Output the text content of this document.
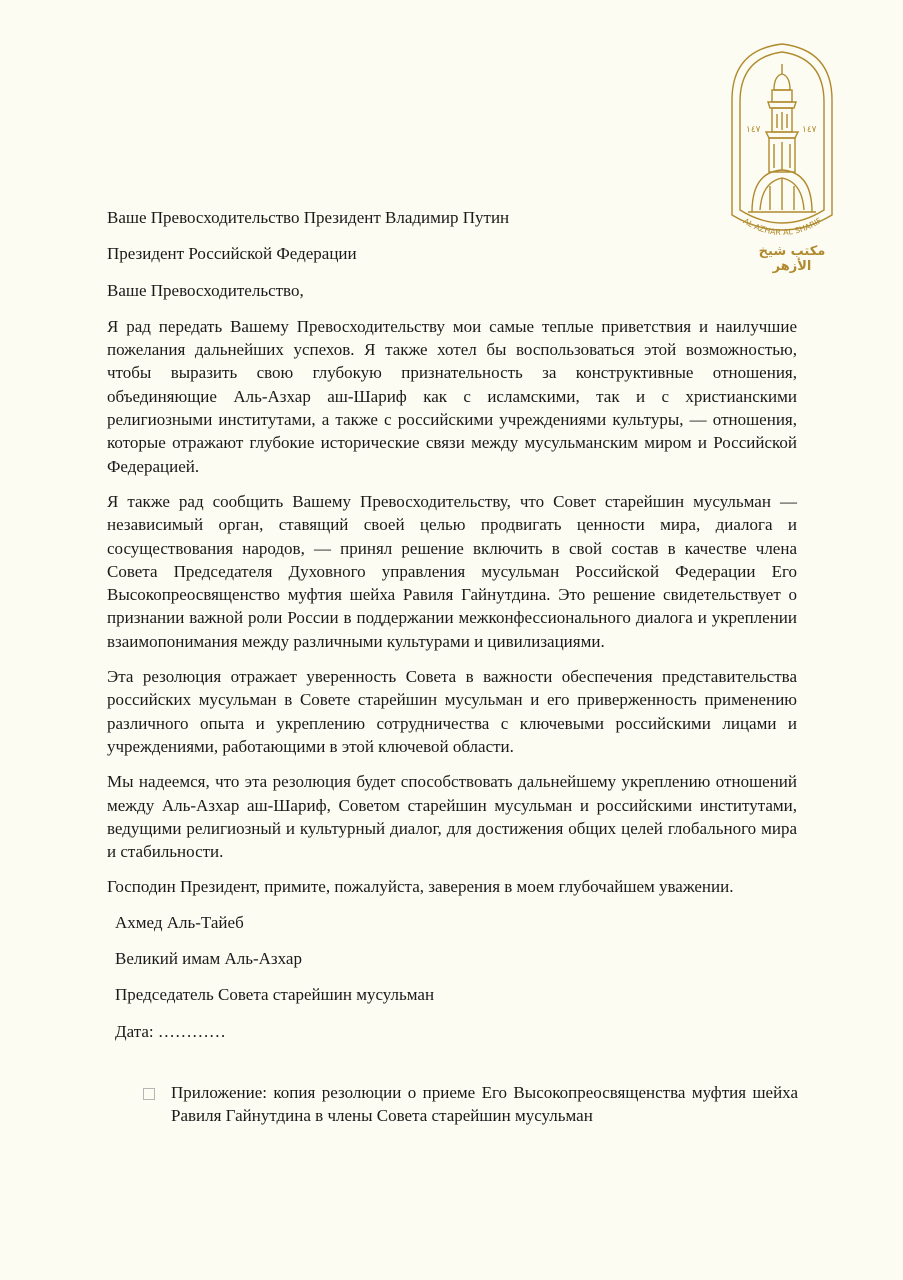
١٤٧	١٤٧
AL AZHAR AL SHARIF
مكتب شيخ الأزهر

Ваше Превосходительство Президент Владимир Путин

Президент Российской Федерации

Ваше Превосходительство,

Я рад передать Вашему Превосходительству мои самые теплые приветствия и наилучшие пожелания дальнейших успехов. Я также хотел бы воспользоваться этой возможностью, чтобы выразить свою глубокую признательность за конструктивные отношения, объединяющие Аль-Азхар аш-Шариф как с исламскими, так и с христианскими религиозными институтами, а также с российскими учреждениями культуры, — отношения, которые отражают глубокие исторические связи между мусульманским миром и Российской Федерацией.

Я также рад сообщить Вашему Превосходительству, что Совет старейшин мусульман — независимый орган, ставящий своей целью продвигать ценности мира, диалога и сосуществования народов, — принял решение включить в свой состав в качестве члена Совета Председателя Духовного управления мусульман Российской Федерации Его Высокопреосвященство муфтия шейха Равиля Гайнутдина. Это решение свидетельствует о признании важной роли России в поддержании межконфессионального диалога и укреплении взаимопонимания между различными культурами и цивилизациями.

Эта резолюция отражает уверенность Совета в важности обеспечения представительства российских мусульман в Совете старейшин мусульман и его приверженность применению различного опыта и укреплению сотрудничества с ключевыми российскими лицами и учреждениями, работающими в этой ключевой области.

Мы надеемся, что эта резолюция будет способствовать дальнейшему укреплению отношений между Аль-Азхар аш-Шариф, Советом старейшин мусульман и российскими институтами, ведущими религиозный и культурный диалог, для достижения общих целей глобального мира и стабильности.

Господин Президент, примите, пожалуйста, заверения в моем глубочайшем уважении.

Ахмед Аль-Тайеб

Великий имам Аль-Азхар

Председатель Совета старейшин мусульман

Дата: …………

Приложение: копия резолюции о приеме Его Высокопреосвященства муфтия шейха Равиля Гайнутдина в члены Совета старейшин мусульман
